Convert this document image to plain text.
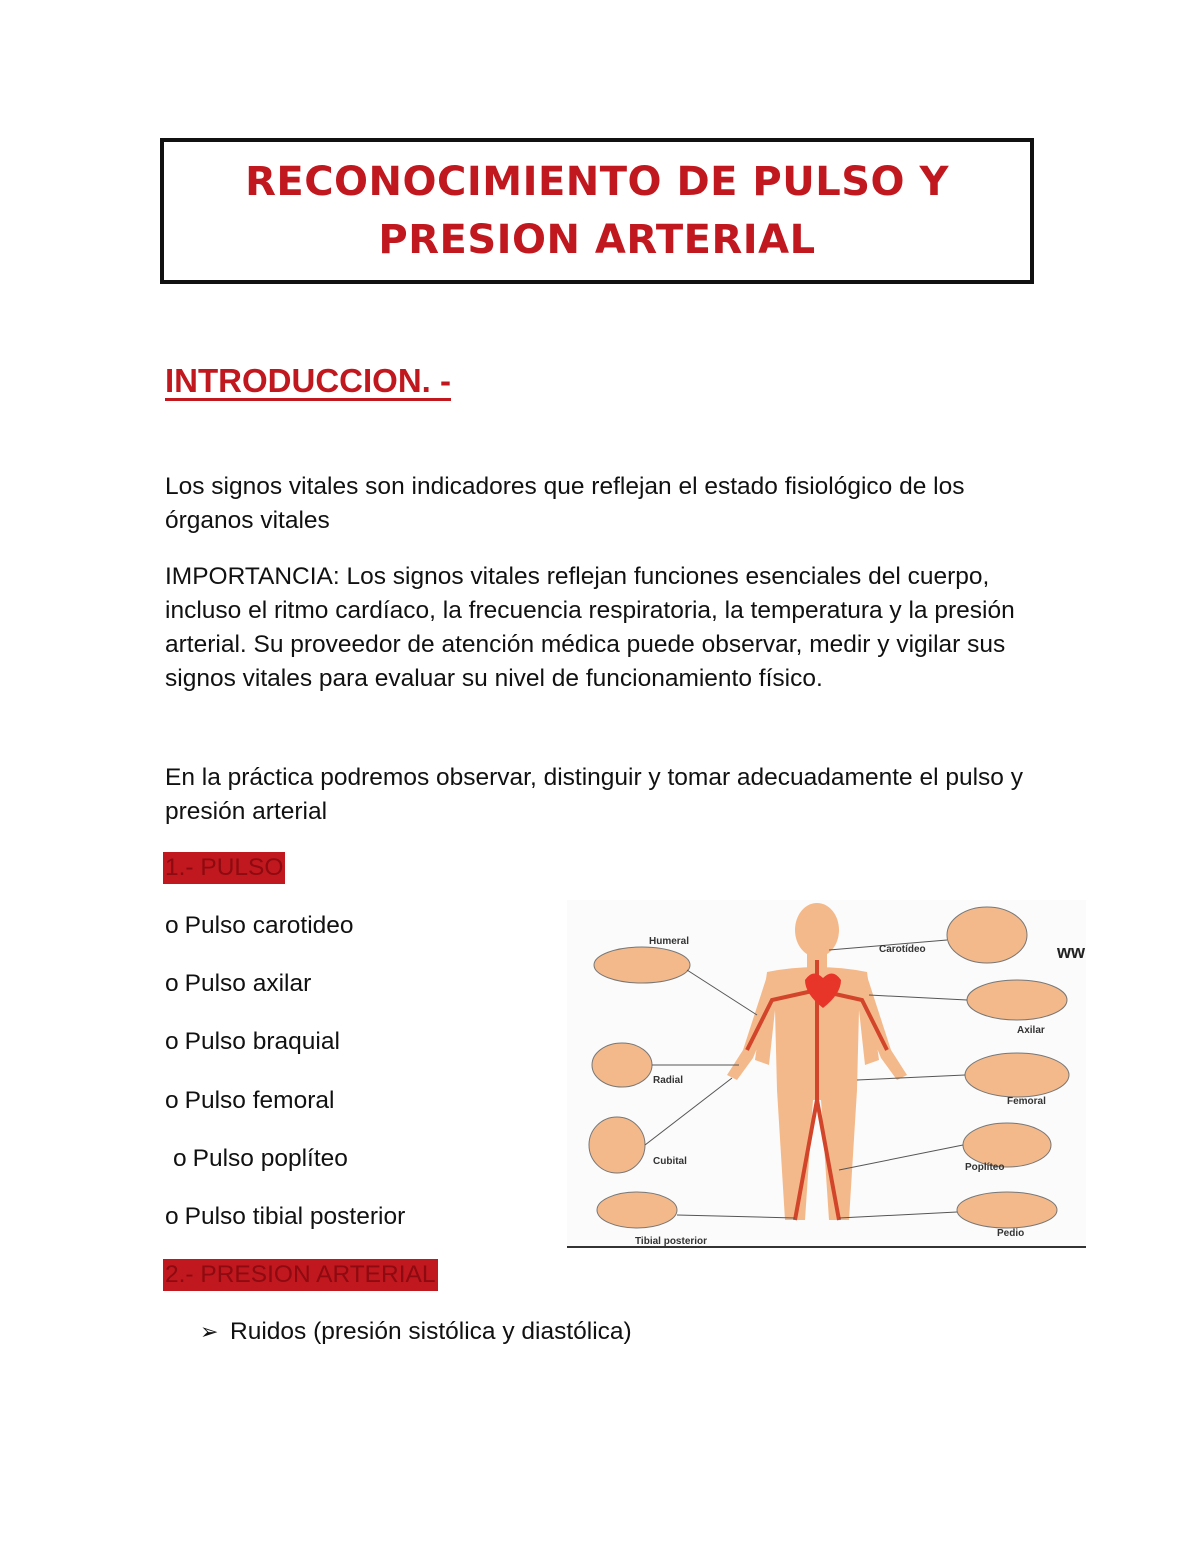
RECONOCIMIENTO DE PULSO Y
PRESION ARTERIAL
INTRODUCCION. -

Los signos vitales son indicadores que reflejan el estado fisiológico de los órganos vitales

IMPORTANCIA: Los signos vitales reflejan funciones esenciales del cuerpo, incluso el ritmo cardíaco, la frecuencia respiratoria, la temperatura y la presión arterial. Su proveedor de atención médica puede observar, medir y vigilar sus signos vitales para evaluar su nivel de funcionamiento físico.

En la práctica podremos observar, distinguir y tomar adecuadamente el pulso y presión arterial

1.- PULSO
o Pulso carotideo
o Pulso axilar
o Pulso braquial
o Pulso femoral
o Pulso poplíteo
o Pulso tibial posterior
Humeral
Carotídeo
Axilar
Radial
Femoral
Cubital
Poplíteo
Tibial posterior
Pedio
ww
2.- PRESION ARTERIAL
➢ Ruidos (presión sistólica y diastólica)
